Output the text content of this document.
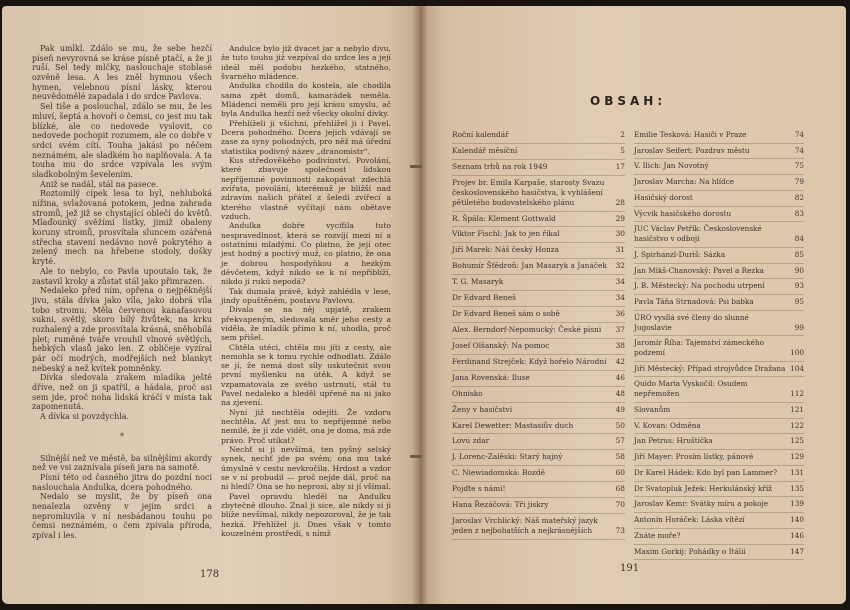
Pak umlkl. Zdálo se mu, že sebe hezčí píseň nevyrovná se kráse písně ptačí, a že ji ruší. Sel tedy mlčky, naslouchaje stoblasé ozvěně lesa. A les zněl hymnou všech hymen, velebnou písní lásky, kterou neuvědomělé zapadala i do srdce Pavlova.

Sel tiše a poslouchal, zdálo se mu, že les mluví, šeptá a hovoří o čemsi, co jest mu tak blízké, ale co nedovede vyslovit, co nedovede pochopit rozumem, ale co dobře v srdci svém cítí. Touha jakási po něčem neznámém, ale sladkém ho naplňovala. A ta touha mu do srdce vzpívala les svým sladkobolným ševelením.

Aniž se nadál, stál na pasece.

Roztomilý cípek lesa to byl, nehluboká nížina, svlažovaná potokem, jedna zahrada stromů, jež již se chystající oblečí do květů. Mlaďounký svěžími lístky, jimiž obaleny koruny stromů, prosvítala sluncem ozářená střecha stavení nedávno nově pokrytého a zelený mech na hřebene stodoly, došky kryté.

Ale to nebylo, co Pavla upoutalo tak, že zastavil kroky a zůstat stál jako přimrazen.

Nedaleko před ním, opřena o nejpěknější jivu, stála dívka jako víla, jako dobrá víla tobo stromu. Měla červenou kanafasovou sukni, světlý, skoro bílý živůtek, na krku rozhalený a zde prosvítala krásná, sněhobílá plet; ruměné tváře vrouhil vlnové světlých, hebkých vlasů jako len. Z obličeje vyzíral pár očí modrých, modřejších než blankyt nebeský a než kvítek pomněnky.

Dívka sledovala zrakem mladíka ještě dříve, než on ji spatřil, a hádala, proč asi sem jde, proč noha lidská kráčí v místa tak zapomenutá.

A dívka si povzdychla.

*

Silnější než ve městě, ba silnějšími akordy než ve vsi zaznívala píseň jara na samotě.

Písní této od časného jitra do pozdní noci naslouchala Andulka, dcera pohodného.

Nedalo se myslit, že by píseň ona nenalezla ozvěny v jejím srdci a nepromluvila v ní nesbádanou touhu po čemsi neznámém, o čem zpívala příroda, zpíval i les.

Andulce bylo již dvacet jar a nebylo divu, že tuto touhu již vezpíval do srdce les a její ideál měl podobu hezkého, statného, švarného mládence.

Andulka chodila do kostela, ale chodila sama zpět domů, kamarádek neměla. Mládenci neměli pro její krásu smyslu, ač byla Andulka hezčí než všecky okolní dívky.

Přehlíželi ji všichni, přehlížel ji i Pavel. Dcera pohodného. Dcera jejich vdávají se zase za syny pohodných, pro něž má úřední statistika podivný název „dranomistr“.

Kus středověkého podivínství. Povolání, které zbavuje společnost lidskou nepříjemné povinnosti zakopávat zdechlá zvířata, povolání, kterémuž je bližší nad zdravím našich přátel z šeledi zvířecí a kterého vlastně vyčítají nám obětave vzduch.

Andulka dobře vyciťila tuto nespravedlnost, která se rozvíjí mezi ní a ostatními mladými. Co platno, že její otec jest hodný a poctivý muž, co platno, že ona je dobrou hospodyňkou a hezkým děvčetem, když nikdo se k ní nepřiblíží, nikdo ji rukú nepodá?

Tak dumala právě, když zahlédla v lese, jindy opuštěném, postavu Pavlovu.

Dívala se na něj upjatě, zrakem překvapeným, sledovala směr jeho cesty a viděla, že mladík přímo k ní, uhodla, proč sem přišel.

Chtěla utéci, chtěla mu jíti z cesty, ale nemohla se k tomu rychle odhodlati. Zdálo se jí, že nemá dost síly uskutečnit svou první myšlenku na útěk. A když se vzpamatovala ze svého ustrnutí, stál tu Pavel nedaleko a hleděl upřeně na ni jako na zjevení.

Nyní již nechtěla odejíti. Že vzdoru nechtěla. Ať jest mu to nepříjemné nebo nemilé, že jí zde vidět, ona je doma, má zde právo. Proč utíkat?

Nechť si ji nevšímá, ten pyšný selský synek, nechť jde po svém; ona mu také úmyslně v cestu nevkročila. Hrdost a vzdor se v ní probudil — proč nejde dál, proč na ni hledí? Ona se ho neprosí, aby si jí všímal.

Pavel opravdu hleděl na Andulku zbytečně dlouho. Znal ji sice, ale nikdy si ji blíže nevšímal, nikdy nepozoroval, že je tak hezká. Přehlížel ji. Dnes však v tomto kouzelném prostředí, s nímž

178
OBSAH:
Roční kalendář	2
Kalendář měsíční	5
Seznam trhů na rok 1949	17
Projev br. Emila Karpaše, starosty Svazu československého hasičstva, k vyhlášení pětiletého budovatelského plánu	28
R. Špála: Klement Gottwald	29
Viktor Fischl: Jak to jen říkal	30
Jiří Marek: Náš český Honza	31
Bohumír Šťědroň: Jan Masaryk a Janáček	32
T. G. Masaryk	34
Dr Edvard Beneš	34
Dr Edvard Beneš sám o sobě	36
Alex. Berndorf-Nepomucký: České písni	37
Josef Olšanský: Na pomoc	38
Ferdinand Strejček: Když hořelo Národní	42
Jana Rovenská: Iluse	46
Ohnisko	48
Ženy v hasičství	49
Karel Dewetter: Mastasiův duch	50
Lovu zdar	57
J. Lorenc-Zalěski: Starý hajný	58
C. Niewiadomská: Bozdě	60
Pojďte s námi!	68
Hana Řezáčová: Tři jiskry	70
Jaroslav Vrchlický: Náš mateřský jazyk jeden z nejbohatších a nejkrásnějších	73
Emilie Tesková: Hasiči v Praze	74
Jaroslav Seifert: Pozdrav městu	74
V. Ilich: Jan Novotný	75
Jaroslav Marcha: Na hlídce	79
Hasičský dorost	82
Výcvik hasičského dorostu	83
JUC Václav Petřík: Československé hasičstvo v odboji	84
J. Spirhanzl-Duriš: Sázka	85
Jan Mikš-Chanovský: Pavel a Rezka	90
J. B. Městecký: Na pochodu utrpení	93
Pavla Táňa Strnadová: Psi babka	95
ÚRO vysílá své členy do slunné Jugoslavie	99
Jaromír Říha: Tajemství zámeckého podzemí	100
Jiří Městecký: Případ strojvůdce Dražana 104
Quido Maria Vyskočil: Osudem nepřemožen	112
Slovanům	121
V. Kovan: Odměna	122
Jan Petrus: Hruštička	125
Jiří Mayer: Prosím lístky, pánové	129
Dr Karel Hádek: Kdo byl pan Lammer?	131
Dr Svatopluk Ježek: Herkulánský kříž	135
Jaroslav Kemr: Svátky míru a pokoje	139
Antonín Horáček: Láska vítězí	140
Znáte moře?	146
Maxim Gorkij: Pohádky o Itálii	147
191
